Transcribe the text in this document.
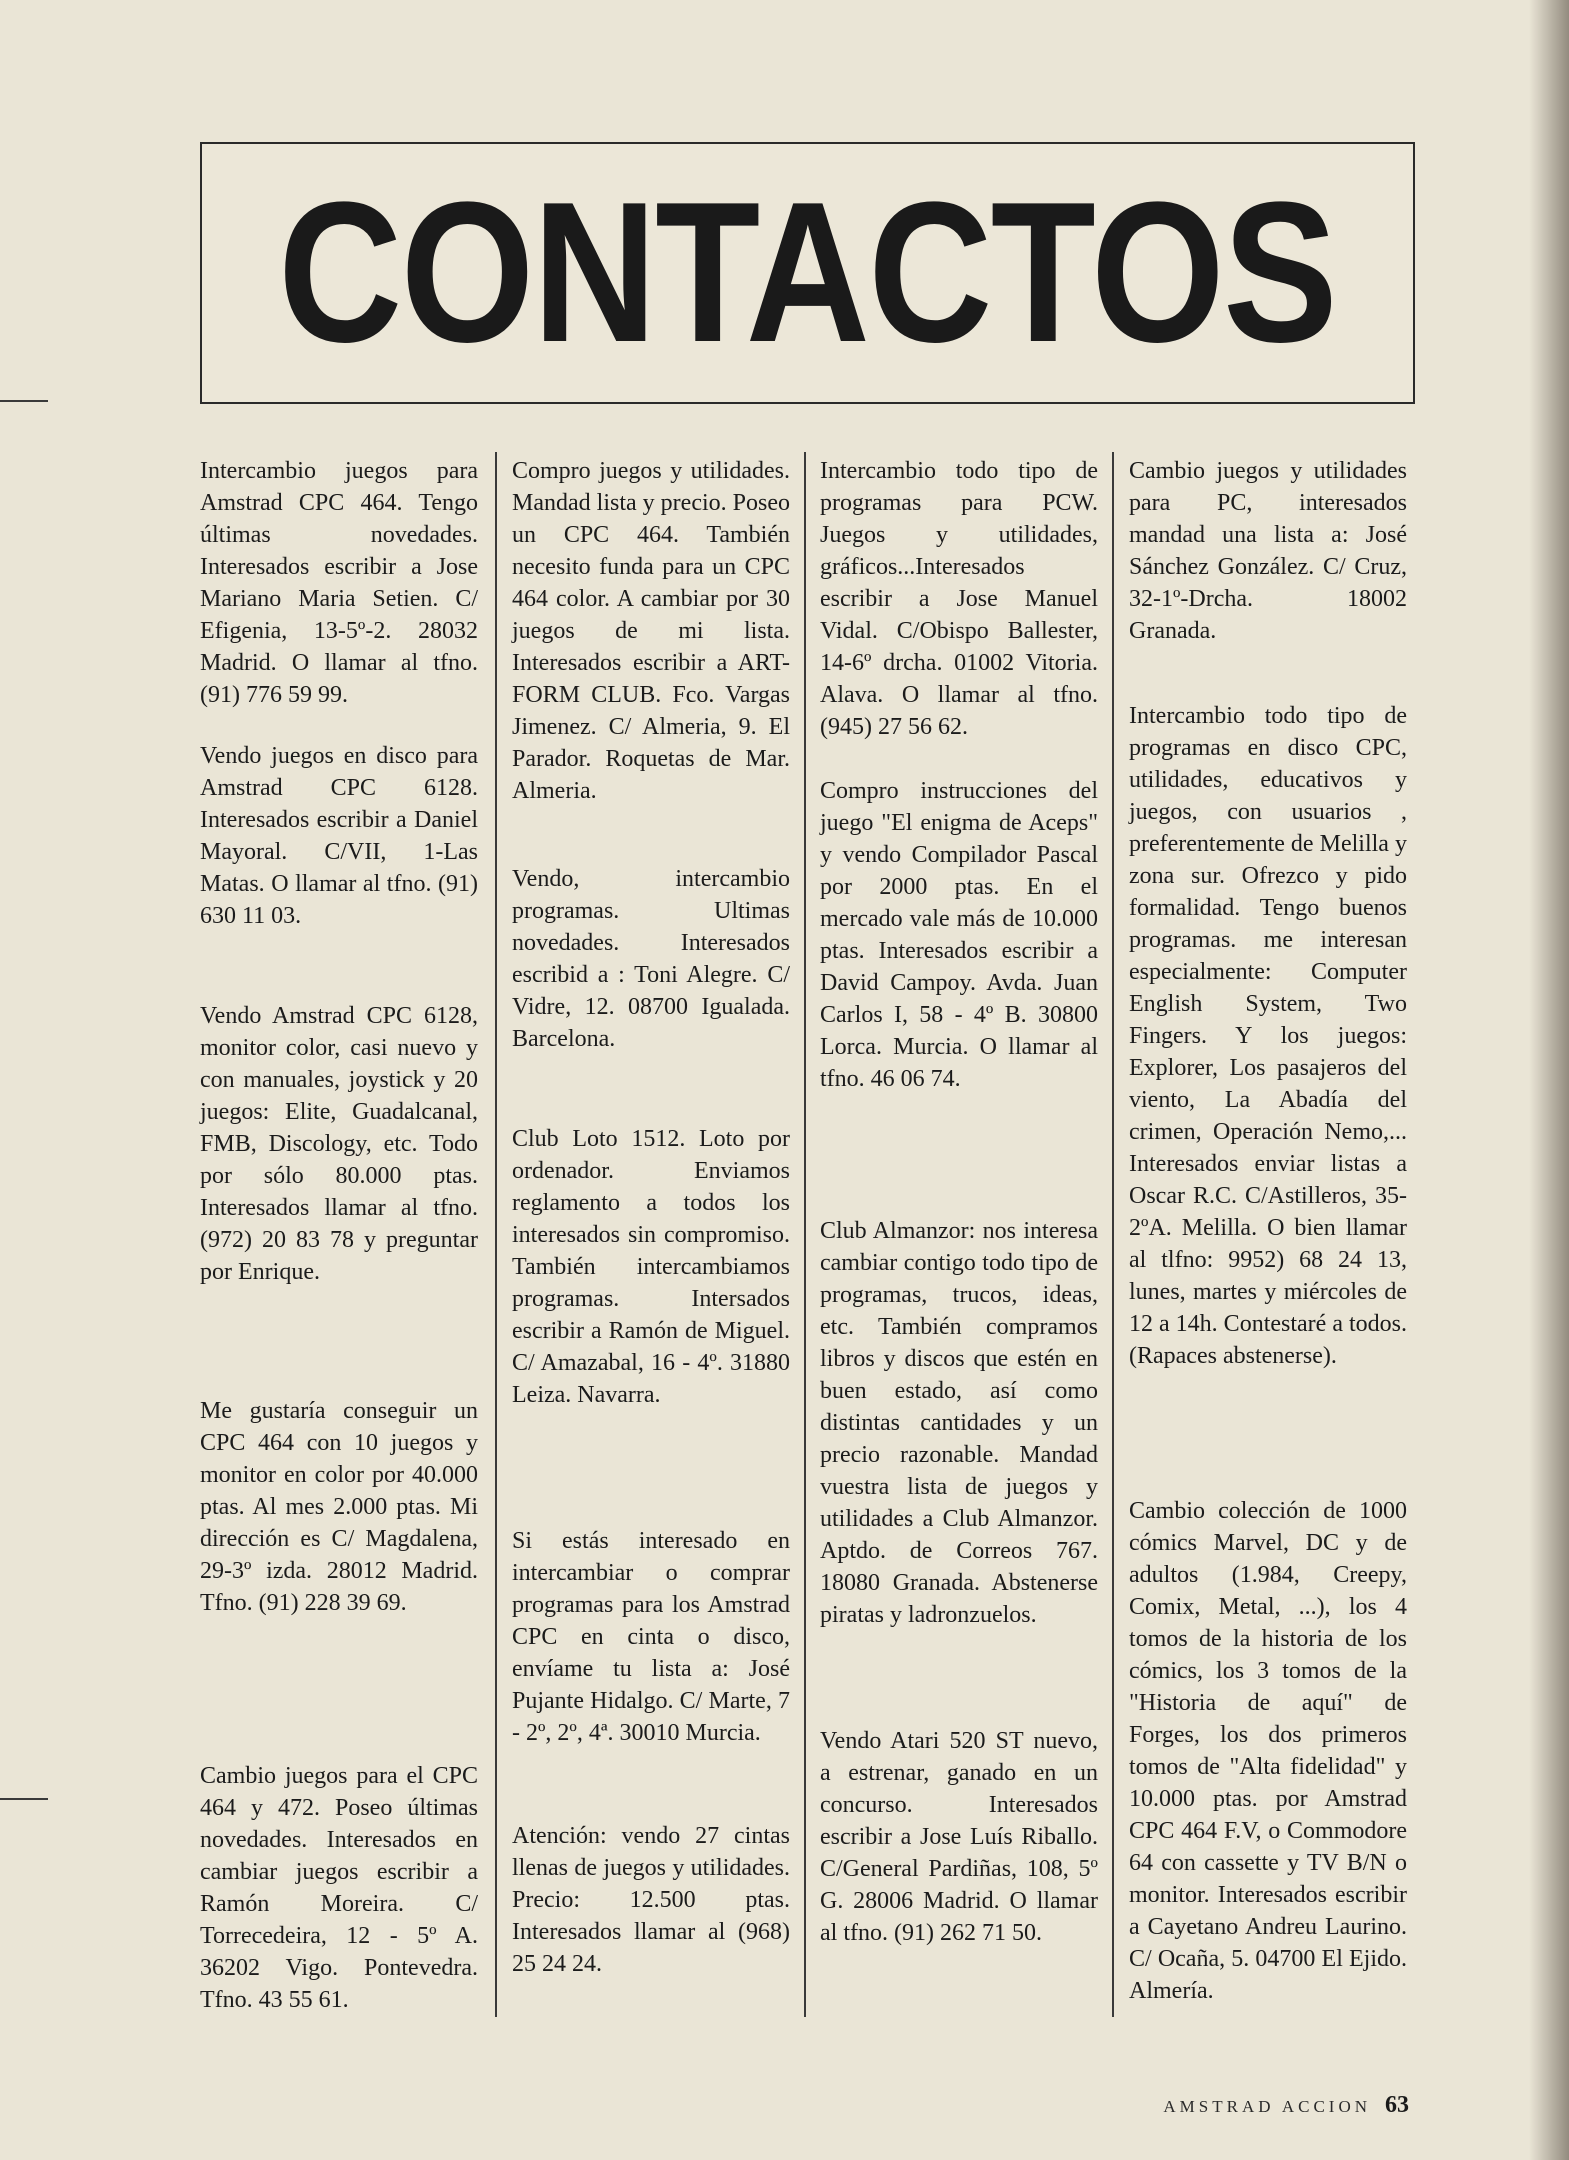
CONTACTOS

Intercambio juegos para Amstrad CPC 464. Tengo últimas novedades. Interesados escribir a Jose Mariano Maria Setien. C/ Efigenia, 13-5º-2. 28032 Madrid. O llamar al tfno. (91) 776 59 99.

Vendo juegos en disco para Amstrad CPC 6128. Interesados escribir a Daniel Mayoral. C/VII, 1-Las Matas. O llamar al tfno. (91) 630 11 03.

Vendo Amstrad CPC 6128, monitor color, casi nuevo y con manuales, joystick y 20 juegos: Elite, Guadalcanal, FMB, Discology, etc. Todo por sólo 80.000 ptas. Interesados llamar al tfno. (972) 20 83 78 y preguntar por Enrique.

Me gustaría conseguir un CPC 464 con 10 juegos y monitor en color por 40.000 ptas. Al mes 2.000 ptas. Mi dirección es C/ Magdalena, 29-3º izda. 28012 Madrid. Tfno. (91) 228 39 69.

Cambio juegos para el CPC 464 y 472. Poseo últimas novedades. Interesados en cambiar juegos escribir a Ramón Moreira. C/ Torrecedeira, 12 - 5º A. 36202 Vigo. Pontevedra. Tfno. 43 55 61.

Compro juegos y utilidades. Mandad lista y precio. Poseo un CPC 464. También necesito funda para un CPC 464 color. A cambiar por 30 juegos de mi lista. Interesados escribir a ART-FORM CLUB. Fco. Vargas Jimenez. C/ Almeria, 9. El Parador. Roquetas de Mar. Almeria.

Vendo, intercambio programas. Ultimas novedades. Interesados escribid a : Toni Alegre. C/ Vidre, 12. 08700 Igualada. Barcelona.

Club Loto 1512. Loto por ordenador. Enviamos reglamento a todos los interesados sin compromiso. También intercambiamos programas. Intersados escribir a Ramón de Miguel. C/ Amazabal, 16 - 4º. 31880 Leiza. Navarra.

Si estás interesado en intercambiar o comprar programas para los Amstrad CPC en cinta o disco, envíame tu lista a: José Pujante Hidalgo. C/ Marte, 7 - 2º, 2º, 4ª. 30010 Murcia.

Atención: vendo 27 cintas llenas de juegos y utilidades. Precio: 12.500 ptas. Interesados llamar al (968) 25 24 24.

Intercambio todo tipo de programas para PCW. Juegos y utilidades, gráficos...Interesados escribir a Jose Manuel Vidal. C/Obispo Ballester, 14-6º drcha. 01002 Vitoria. Alava. O llamar al tfno. (945) 27 56 62.

Compro instrucciones del juego "El enigma de Aceps" y vendo Compilador Pascal por 2000 ptas. En el mercado vale más de 10.000 ptas. Interesados escribir a David Campoy. Avda. Juan Carlos I, 58 - 4º B. 30800 Lorca. Murcia. O llamar al tfno. 46 06 74.

Club Almanzor: nos interesa cambiar contigo todo tipo de programas, trucos, ideas, etc. También compramos libros y discos que estén en buen estado, así como distintas cantidades y un precio razonable. Mandad vuestra lista de juegos y utilidades a Club Almanzor. Aptdo. de Correos 767. 18080 Granada. Abstenerse piratas y ladronzuelos.

Vendo Atari 520 ST nuevo, a estrenar, ganado en un concurso. Interesados escribir a Jose Luís Riballo. C/General Pardiñas, 108, 5º G. 28006 Madrid. O llamar al tfno. (91) 262 71 50.

Cambio juegos y utilidades para PC, interesados mandad una lista a: José Sánchez González. C/ Cruz, 32-1º-Drcha. 18002 Granada.

Intercambio todo tipo de programas en disco CPC, utilidades, educativos y juegos, con usuarios , preferentemente de Melilla y zona sur. Ofrezco y pido formalidad. Tengo buenos programas. me interesan especialmente: Computer English System, Two Fingers. Y los juegos: Explorer, Los pasajeros del viento, La Abadía del crimen, Operación Nemo,... Interesados enviar listas a Oscar R.C. C/Astilleros, 35-2ºA. Melilla. O bien llamar al tlfno: 9952) 68 24 13, lunes, martes y miércoles de 12 a 14h. Contestaré a todos. (Rapaces abstenerse).

Cambio colección de 1000 cómics Marvel, DC y de adultos (1.984, Creepy, Comix, Metal, ...), los 4 tomos de la historia de los cómics, los 3 tomos de la "Historia de aquí" de Forges, los dos primeros tomos de "Alta fidelidad" y 10.000 ptas. por Amstrad CPC 464 F.V, o Commodore 64 con cassette y TV B/N o monitor. Interesados escribir a Cayetano Andreu Laurino. C/ Ocaña, 5. 04700 El Ejido. Almería.

AMSTRAD ACCION 63
